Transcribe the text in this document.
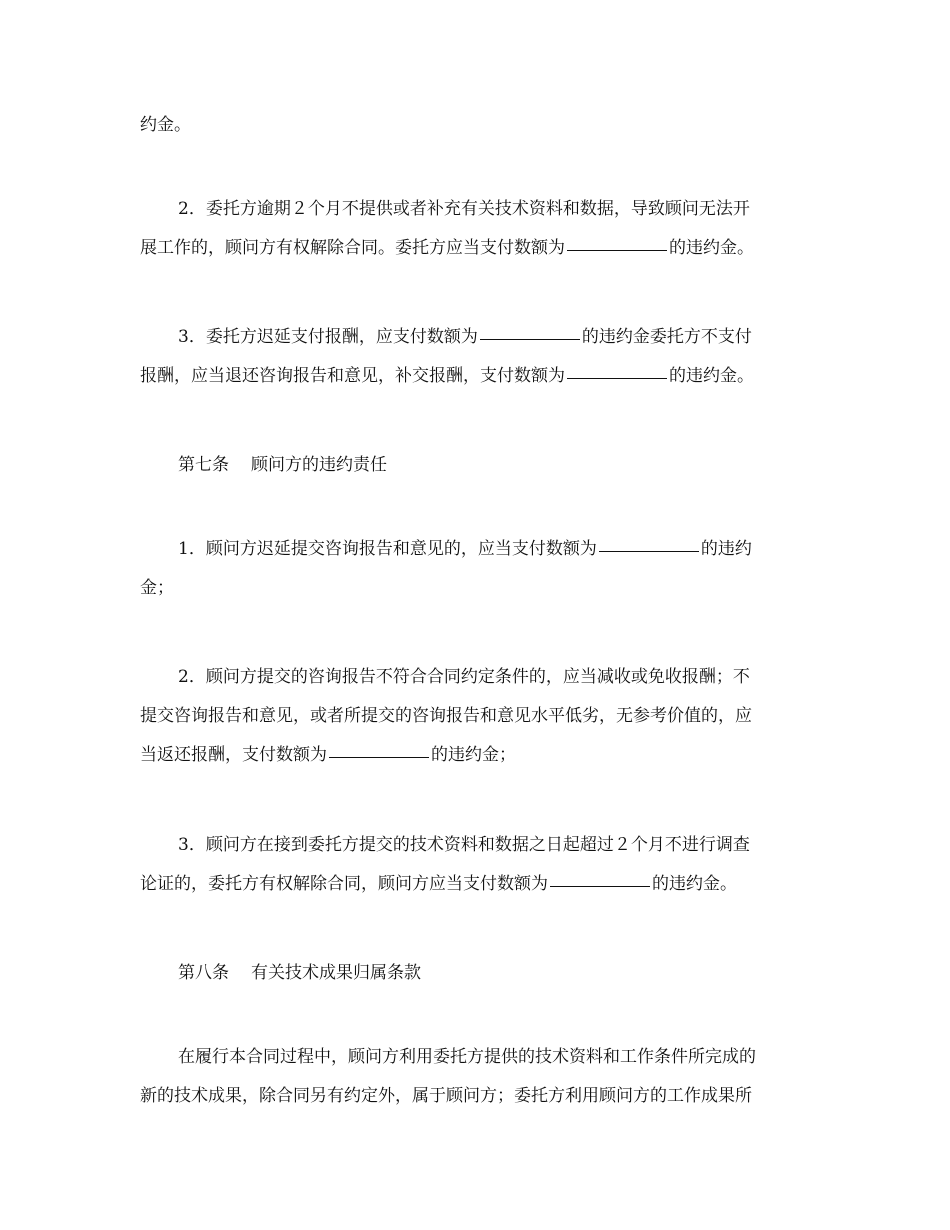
约金。
2．委托方逾期２个月不提供或者补充有关技术资料和数据，导致顾问无法开
展工作的，顾问方有权解除合同。委托方应当支付数额为	的违约金。
3．委托方迟延支付报酬，应支付数额为	的违约金委托方不支付
报酬，应当退还咨询报告和意见，补交报酬，支付数额为	的违约金。
第七条 顾问方的违约责任
1．顾问方迟延提交咨询报告和意见的，应当支付数额为	的违约
金；
2．顾问方提交的咨询报告不符合合同约定条件的，应当减收或免收报酬；不
提交咨询报告和意见，或者所提交的咨询报告和意见水平低劣，无参考价值的，应
当返还报酬，支付数额为	的违约金；
3．顾问方在接到委托方提交的技术资料和数据之日起超过２个月不进行调查
论证的，委托方有权解除合同，顾问方应当支付数额为	的违约金。
第八条 有关技术成果归属条款
在履行本合同过程中，顾问方利用委托方提供的技术资料和工作条件所完成的
新的技术成果，除合同另有约定外，属于顾问方；委托方利用顾问方的工作成果所
